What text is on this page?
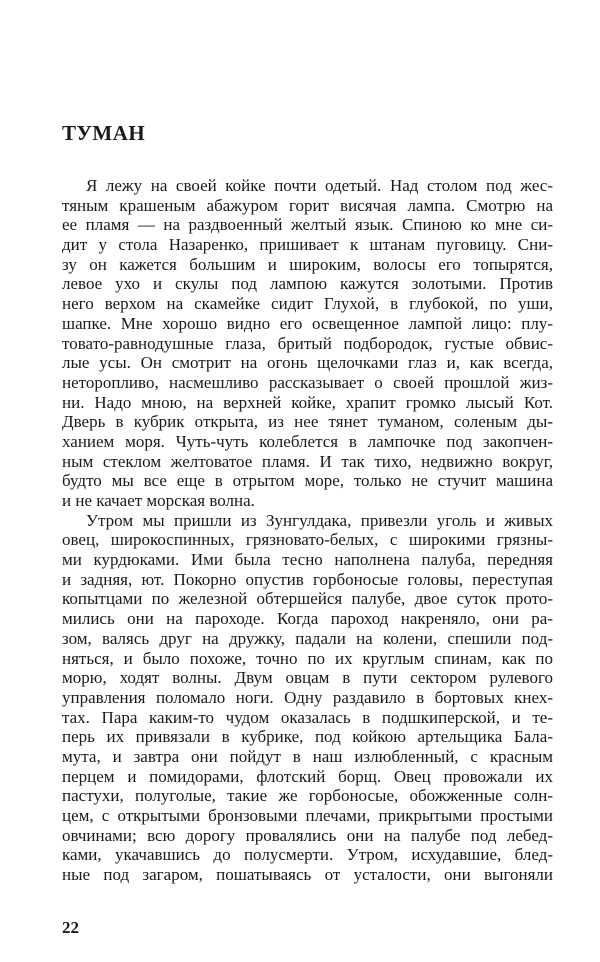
ТУМАН
Я лежу на своей койке почти одетый. Над столом под жес-
тяным крашеным абажуром горит висячая лампа. Смотрю на
ее пламя — на раздвоенный желтый язык. Спиною ко мне си-
дит у стола Назаренко, пришивает к штанам пуговицу. Сни-
зу он кажется большим и широким, волосы его топырятся,
левое ухо и скулы под лампою кажутся золотыми. Против
него верхом на скамейке сидит Глухой, в глубокой, по уши,
шапке. Мне хорошо видно его освещенное лампой лицо: плу-
товато-равнодушные глаза, бритый подбородок, густые обвис-
лые усы. Он смотрит на огонь щелочками глаз и, как всегда,
неторопливо, насмешливо рассказывает о своей прошлой жиз-
ни. Надо мною, на верхней койке, храпит громко лысый Кот.
Дверь в кубрик открыта, из нее тянет туманом, соленым ды-
ханием моря. Чуть-чуть колеблется в лампочке под закопчен-
ным стеклом желтоватое пламя. И так тихо, недвижно вокруг,
будто мы все еще в отрытом море, только не стучит машина
и не качает морская волна.
Утром мы пришли из Зунгулдака, привезли уголь и живых
овец, широкоспинных, грязновато-белых, с широкими грязны-
ми курдюками. Ими была тесно наполнена палуба, передняя
и задняя, ют. Покорно опустив горбоносые головы, переступая
копытцами по железной обтершейся палубе, двое суток прото-
мились они на пароходе. Когда пароход накреняло, они ра-
зом, валясь друг на дружку, падали на колени, спешили под-
няться, и было похоже, точно по их круглым спинам, как по
морю, ходят волны. Двум овцам в пути сектором рулевого
управления поломало ноги. Одну раздавило в бортовых кнех-
тах. Пара каким-то чудом оказалась в подшкиперской, и те-
перь их привязали в кубрике, под койкою артельщика Бала-
мута, и завтра они пойдут в наш излюбленный, с красным
перцем и помидорами, флотский борщ. Овец провожали их
пастухи, полуголые, такие же горбоносые, обожженные солн-
цем, с открытыми бронзовыми плечами, прикрытыми простыми
овчинами; всю дорогу провалялись они на палубе под лебед-
ками, укачавшись до полусмерти. Утром, исхудавшие, блед-
ные под загаром, пошатываясь от усталости, они выгоняли
22
